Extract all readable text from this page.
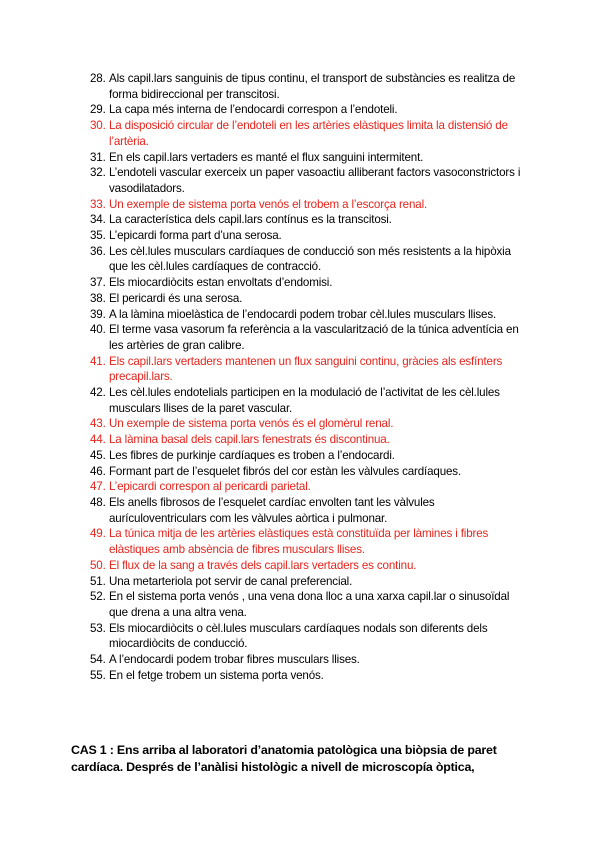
28. Als capil.lars sanguinis de tipus continu, el transport de substàncies es realitza de forma bidireccional per transcitosi.
29. La capa més interna de l’endocardi correspon a l’endoteli.
30. La disposició circular de l’endoteli en les artèries elàstiques limita la distensió de l’artèria.
31. En els capil.lars vertaders es manté el flux sanguini intermitent.
32. L’endoteli vascular exerceix un paper vasoactiu alliberant factors vasoconstrictors i vasodilatadors.
33. Un exemple de sistema porta venós el trobem a l’escorça renal.
34. La característica dels capil.lars contínus es la transcitosi.
35. L’epicardi forma part d’una serosa.
36. Les cèl.lules musculars cardíaques de conducció son més resistents a la hipòxia que les cèl.lules cardíaques de contracció.
37. Els miocardiòcits estan envoltats d’endomisi.
38. El pericardi és una serosa.
39. A la làmina mioelàstica de l’endocardi podem trobar cèl.lules musculars llises.
40. El terme vasa vasorum fa referència a la vascularització de la túnica adventícia en les artèries de gran calibre.
41. Els capil.lars vertaders mantenen un flux sanguini continu, gràcies als esfínters precapil.lars.
42. Les cèl.lules endotelials participen en la modulació de l’activitat de les cèl.lules musculars llises de la paret vascular.
43. Un exemple de sistema porta venós és el glomèrul renal.
44. La làmina basal dels capil.lars fenestrats és discontinua.
45. Les fibres de purkinje cardíaques es troben a l’endocardi.
46. Formant part de l’esquelet fibrós del cor estàn les vàlvules cardíaques.
47. L’epicardi correspon al pericardi parietal.
48. Els anells fibrosos de l’esquelet cardíac envolten tant les vàlvules aurículoventriculars com les vàlvules aòrtica i pulmonar.
49. La túnica mitja de les artèries elàstiques està constituïda per làmines i fibres elàstiques amb absència de fibres musculars llises.
50. El flux de la sang a través dels capil.lars vertaders es continu.
51. Una metarteriola pot servir de canal preferencial.
52. En el sistema porta venós , una vena dona lloc a una xarxa capil.lar o sinusoïdal que drena a una altra vena.
53. Els miocardiòcits o cèl.lules musculars cardíaques nodals son diferents dels miocardiòcits de conducció.
54. A l’endocardi podem trobar fibres musculars llises.
55. En el fetge trobem un sistema porta venós.
CAS 1 : Ens arriba al laboratori d’anatomia patològica una biòpsia de paret cardíaca. Després de l’anàlisi histològic a nivell de microscopía òptica,
